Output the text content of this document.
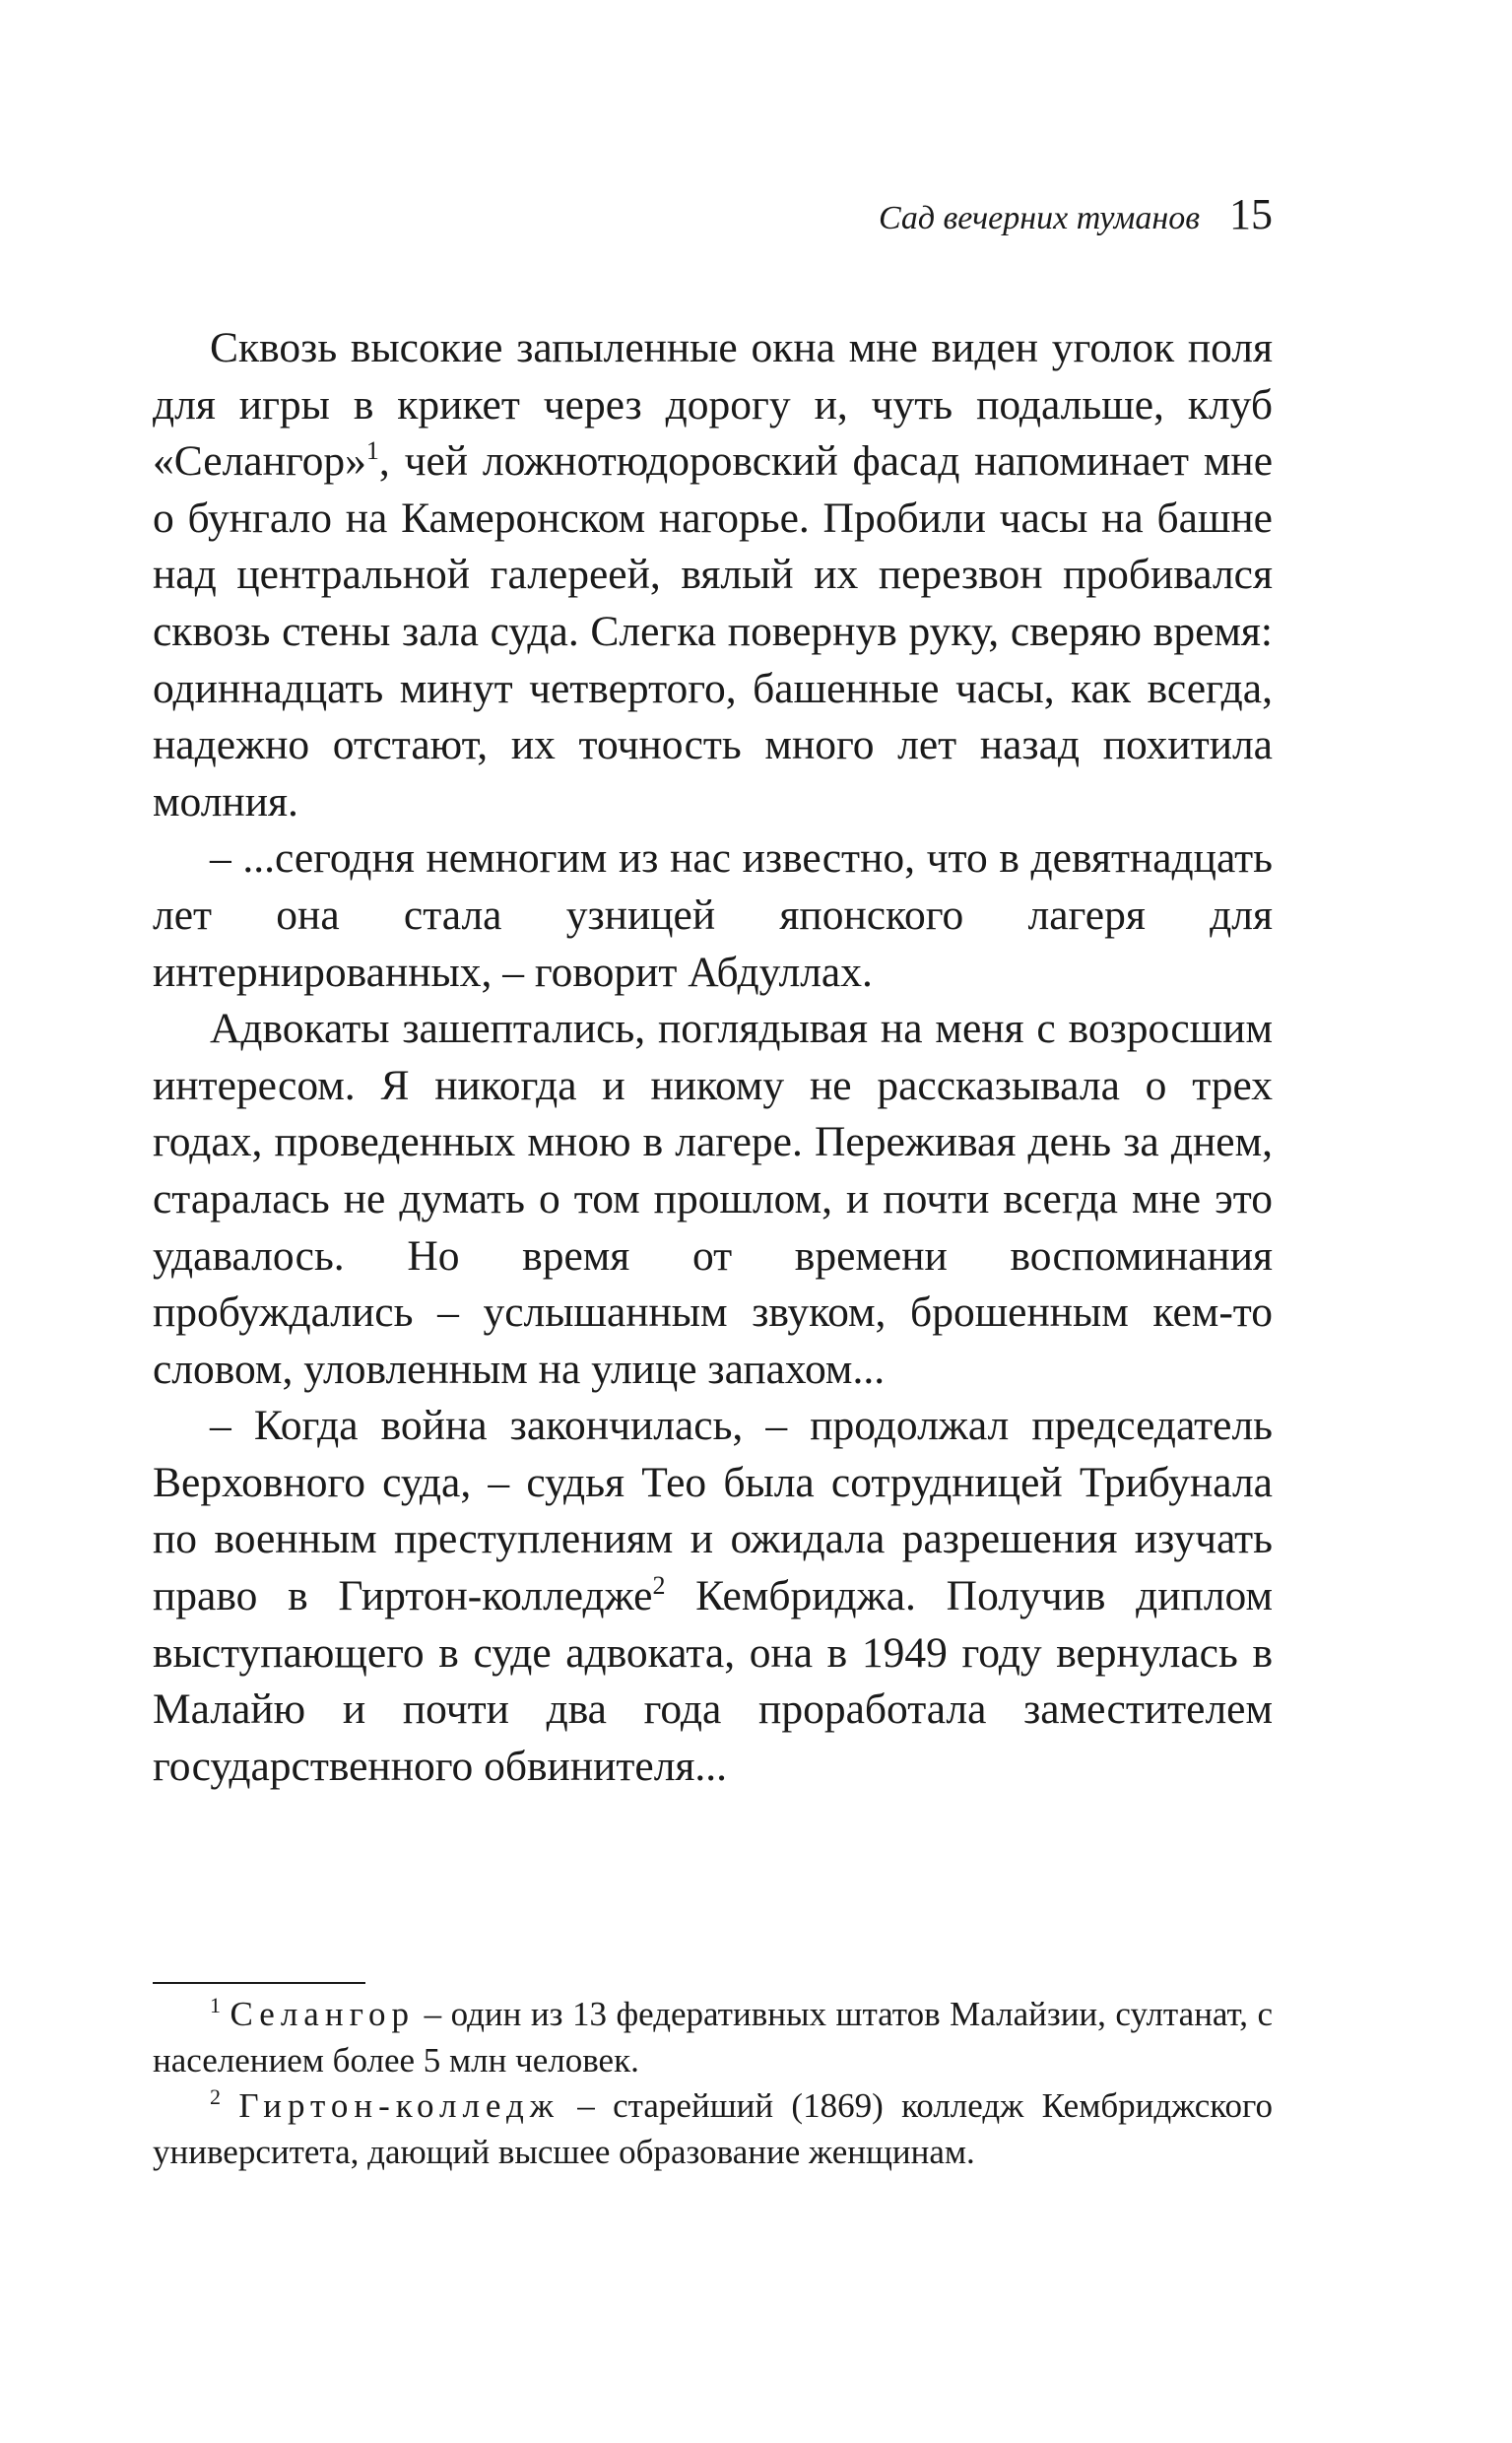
Сад вечерних туманов 15

Сквозь высокие запыленные окна мне виден уголок поля для игры в крикет через дорогу и, чуть подальше, клуб «Селангор»$^1$, чей ложнотюдоровский фасад напоминает мне о бунгало на Камеронском нагорье. Пробили часы на башне над центральной галереей, вялый их перезвон пробивался сквозь стены зала суда. Слегка повернув руку, сверяю время: одиннадцать минут четвертого, башенные часы, как всегда, надежно отстают, их точность много лет назад похитила молния.

– ...сегодня немногим из нас известно, что в девятнадцать лет она стала узницей японского лагеря для интернированных, – говорит Абдуллах.

Адвокаты зашептались, поглядывая на меня с возросшим интересом. Я никогда и никому не рассказывала о трех годах, проведенных мною в лагере. Переживая день за днем, старалась не думать о том прошлом, и почти всегда мне это удавалось. Но время от времени воспоминания пробуждались – услышанным звуком, брошенным кем-то словом, уловленным на улице запахом...

– Когда война закончилась, – продолжал председатель Верховного суда, – судья Тео была сотрудницей Трибунала по военным преступлениям и ожидала разрешения изучать право в Гиртон-колледже$^2$ Кембриджа. Получив диплом выступающего в суде адвоката, она в 1949 году вернулась в Малайю и почти два года проработала заместителем государственного обвинителя...

$^1$ Селангор – один из 13 федеративных штатов Малайзии, султанат, с населением более 5 млн человек.

$^2$ Гиртон-колледж – старейший (1869) колледж Кембриджского университета, дающий высшее образование женщинам.
